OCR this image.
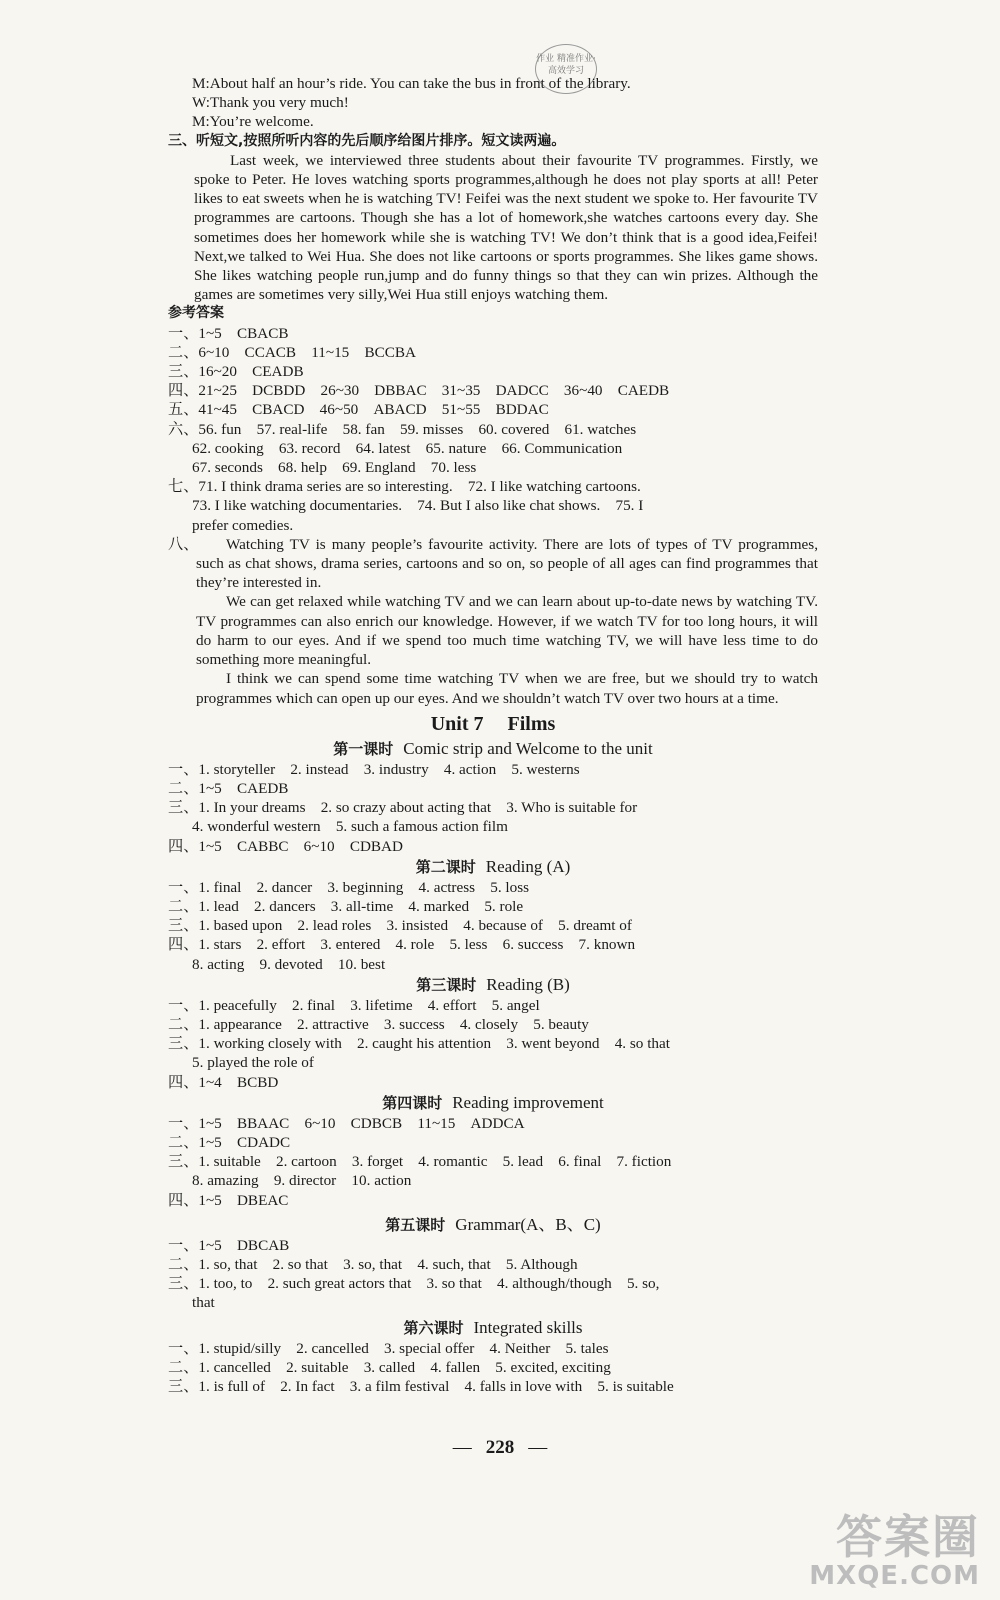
作业 精准作业·高效学习
M:About half an hour’s ride. You can take the bus in front of the library.
W:Thank you very much!
M:You’re welcome.
三、听短文,按照所听内容的先后顺序给图片排序。短文读两遍。
Last week, we interviewed three students about their favourite TV programmes. Firstly, we spoke to Peter. He loves watching sports programmes,although he does not play sports at all! Peter likes to eat sweets when he is watching TV! Feifei was the next student we spoke to. Her favourite TV programmes are cartoons. Though she has a lot of homework,she watches cartoons every day. She sometimes does her homework while she is watching TV! We don’t think that is a good idea,Feifei! Next,we talked to Wei Hua. She does not like cartoons or sports programmes. She likes game shows. She likes watching people run,jump and do funny things so that they can win prizes. Although the games are sometimes very silly,Wei Hua still enjoys watching them.
参考答案
一、1~5　CBACB
二、6~10　CCACB　11~15　BCCBA
三、16~20　CEADB
四、21~25　DCBDD　26~30　DBBAC　31~35　DADCC　36~40　CAEDB
五、41~45　CBACD　46~50　ABACD　51~55　BDDAC
六、56. fun　57. real-life　58. fan　59. misses　60. covered　61. watches
62. cooking　63. record　64. latest　65. nature　66. Communication
67. seconds　68. help　69. England　70. less
七、71. I think drama series are so interesting.　72. I like watching cartoons.
73. I like watching documentaries.　74. But I also like chat shows.　75. I
prefer comedies.
八、	Watching TV is many people’s favourite activity. There are lots of types of TV programmes, such as chat shows, drama series, cartoons and so on, so people of all ages can find programmes that they’re interested in.
We can get relaxed while watching TV and we can learn about up-to-date news by watching TV. TV programmes can also enrich our knowledge. However, if we watch TV for too long hours, it will do harm to our eyes. And if we spend too much time watching TV, we will have less time to do something more meaningful.
I think we can spend some time watching TV when we are free, but we should try to watch programmes which can open up our eyes. And we shouldn’t watch TV over two hours at a time.
Unit 7 Films
第一课时 Comic strip and Welcome to the unit
一、1. storyteller　2. instead　3. industry　4. action　5. westerns
二、1~5　CAEDB
三、1. In your dreams　2. so crazy about acting that　3. Who is suitable for
4. wonderful western　5. such a famous action film
四、1~5　CABBC　6~10　CDBAD
第二课时 Reading (A)
一、1. final　2. dancer　3. beginning　4. actress　5. loss
二、1. lead　2. dancers　3. all-time　4. marked　5. role
三、1. based upon　2. lead roles　3. insisted　4. because of　5. dreamt of
四、1. stars　2. effort　3. entered　4. role　5. less　6. success　7. known
8. acting　9. devoted　10. best
第三课时 Reading (B)
一、1. peacefully　2. final　3. lifetime　4. effort　5. angel
二、1. appearance　2. attractive　3. success　4. closely　5. beauty
三、1. working closely with　2. caught his attention　3. went beyond　4. so that
5. played the role of
四、1~4　BCBD
第四课时 Reading improvement
一、1~5　BBAAC　6~10　CDBCB　11~15　ADDCA
二、1~5　CDADC
三、1. suitable　2. cartoon　3. forget　4. romantic　5. lead　6. final　7. fiction
8. amazing　9. director　10. action
四、1~5　DBEAC
第五课时 Grammar(A、B、C)
一、1~5　DBCAB
二、1. so, that　2. so that　3. so, that　4. such, that　5. Although
三、1. too, to　2. such great actors that　3. so that　4. although/though　5. so,
that
第六课时 Integrated skills
一、1. stupid/silly　2. cancelled　3. special offer　4. Neither　5. tales
二、1. cancelled　2. suitable　3. called　4. fallen　5. excited, exciting
三、1. is full of　2. In fact　3. a film festival　4. falls in love with　5. is suitable
— 228 —
答案圈
MXQE.COM
